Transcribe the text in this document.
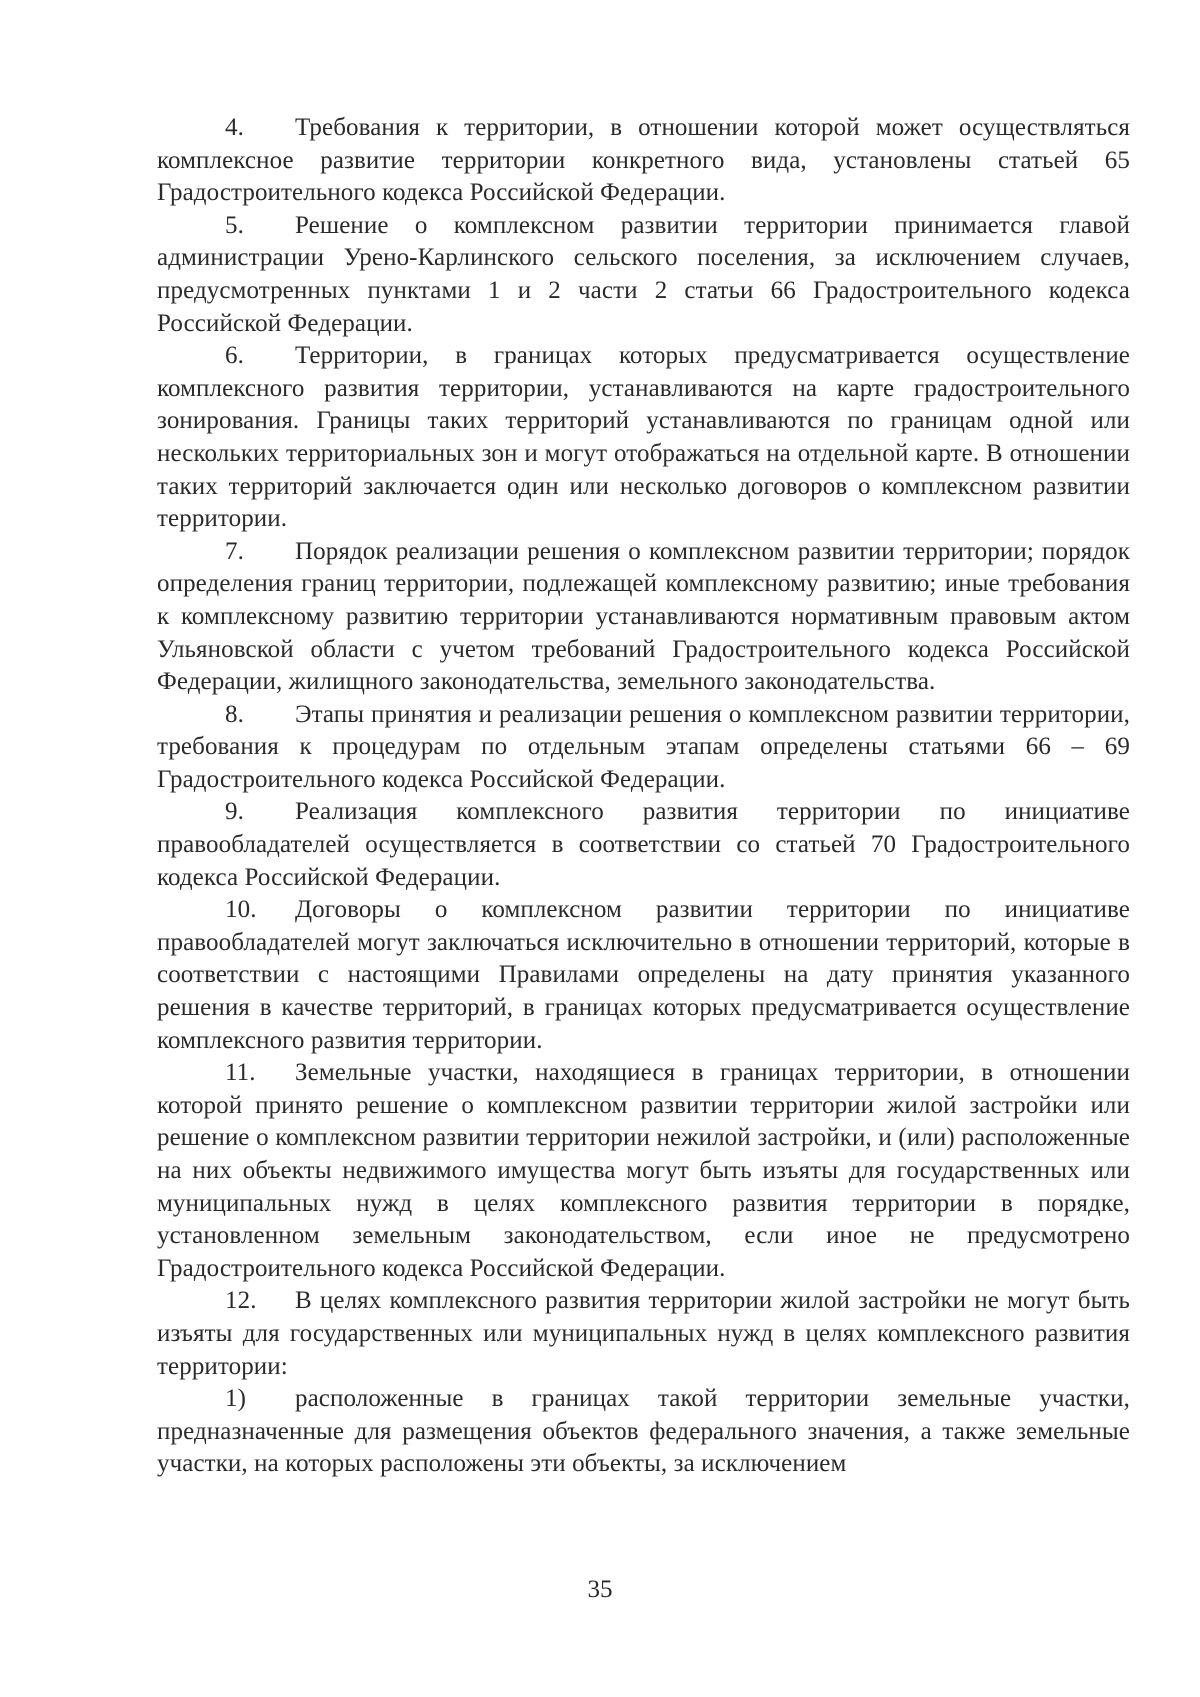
4. Требования к территории, в отношении которой может осуществляться комплексное развитие территории конкретного вида, установлены статьей 65 Градостроительного кодекса Российской Федерации.

5. Решение о комплексном развитии территории принимается главой администрации Урено-Карлинского сельского поселения, за исключением случаев, предусмотренных пунктами 1 и 2 части 2 статьи 66 Градостроительного кодекса Российской Федерации.

6. Территории, в границах которых предусматривается осуществление комплексного развития территории, устанавливаются на карте градостроительного зонирования. Границы таких территорий устанавливаются по границам одной или нескольких территориальных зон и могут отображаться на отдельной карте. В отношении таких территорий заключается один или несколько договоров о комплексном развитии территории.

7. Порядок реализации решения о комплексном развитии территории; порядок определения границ территории, подлежащей комплексному развитию; иные требования к комплексному развитию территории устанавливаются нормативным правовым актом Ульяновской области с учетом требований Градостроительного кодекса Российской Федерации, жилищного законодательства, земельного законодательства.

8. Этапы принятия и реализации решения о комплексном развитии территории, требования к процедурам по отдельным этапам определены статьями 66 – 69 Градостроительного кодекса Российской Федерации.

9. Реализация комплексного развития территории по инициативе правообладателей осуществляется в соответствии со статьей 70 Градостроительного кодекса Российской Федерации.

10. Договоры о комплексном развитии территории по инициативе правообладателей могут заключаться исключительно в отношении территорий, которые в соответствии с настоящими Правилами определены на дату принятия указанного решения в качестве территорий, в границах которых предусматривается осуществление комплексного развития территории.

11. Земельные участки, находящиеся в границах территории, в отношении которой принято решение о комплексном развитии территории жилой застройки или решение о комплексном развитии территории нежилой застройки, и (или) расположенные на них объекты недвижимого имущества могут быть изъяты для государственных или муниципальных нужд в целях комплексного развития территории в порядке, установленном земельным законодательством, если иное не предусмотрено Градостроительного кодекса Российской Федерации.

12. В целях комплексного развития территории жилой застройки не могут быть изъяты для государственных или муниципальных нужд в целях комплексного развития территории:

1) расположенные в границах такой территории земельные участки, предназначенные для размещения объектов федерального значения, а также земельные участки, на которых расположены эти объекты, за исключением

35
